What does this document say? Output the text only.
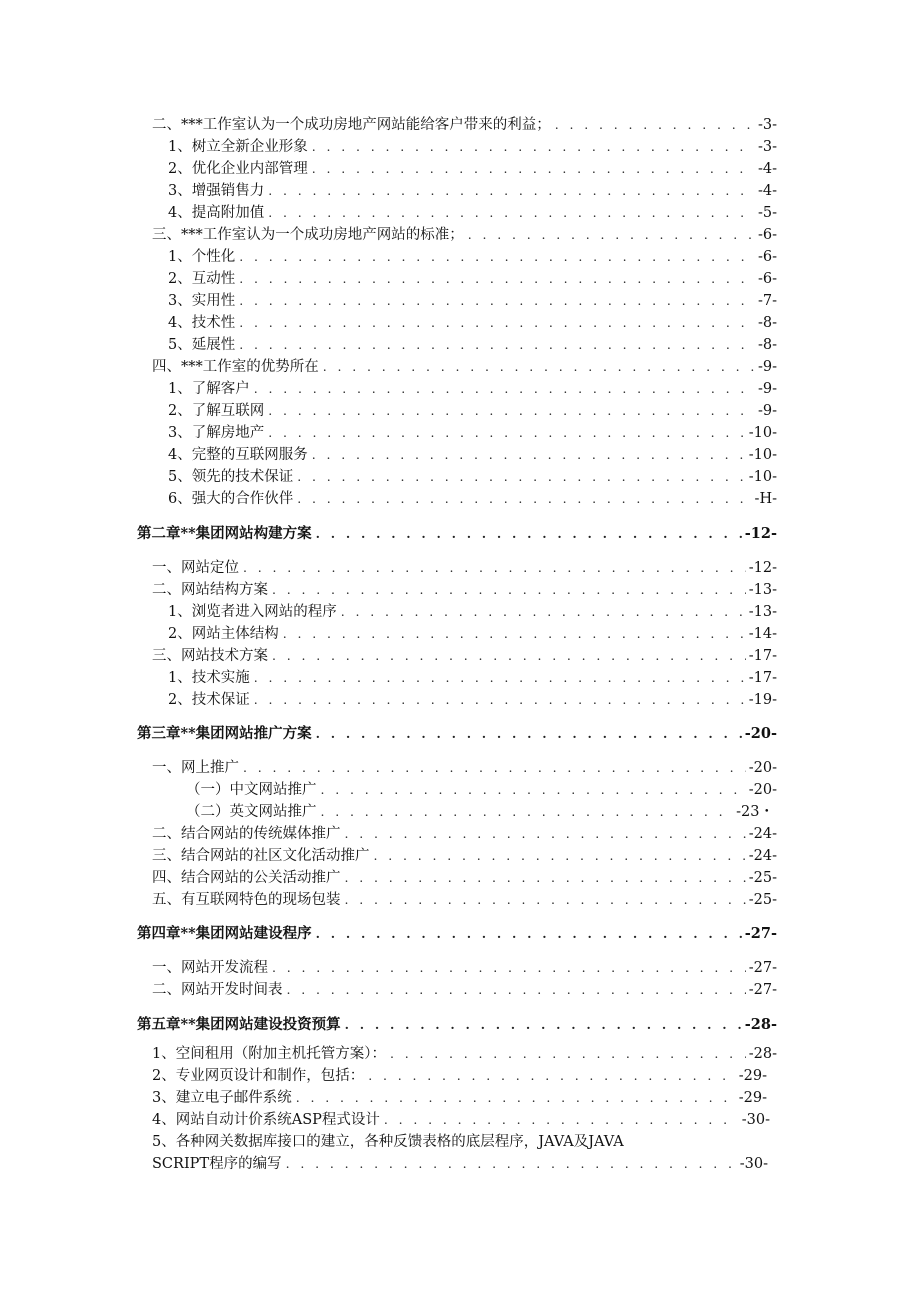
二、***工作室认为一个成功房地产网站能给客户带来的利益； . . .	-3-
1、树立全新企业形象 . . .	-3-
2、优化企业内部管理 . . .	-4-
3、增强销售力 . . .	-4-
4、提高附加值 . . .	-5-
三、***工作室认为一个成功房地产网站的标准； . . .	-6-
1、个性化 . . .	-6-
2、互动性 . . .	-6-
3、实用性 . . .	-7-
4、技术性 . . .	-8-
5、延展性 . . .	-8-
四、***工作室的优势所在 . . .	-9-
1、了解客户 . . .	-9-
2、了解互联网 . . .	-9-
3、了解房地产 . . .	-10-
4、完整的互联网服务 . . .	-10-
5、领先的技术保证 . . .	-10-
6、强大的合作伙伴 . . .	-H-
第二章**集团网站构建方案 . . .	-12-
一、网站定位 . . .	-12-
二、网站结构方案 . . .	-13-
1、浏览者进入网站的程序 . . .	-13-
2、网站主体结构 . . .	-14-
三、网站技术方案 . . .	-17-
1、技术实施 . . .	-17-
2、技术保证 . . .	-19-
第三章**集团网站推广方案 . . .	-20-
一、网上推广 . . .	-20-
（一）中文网站推广 . . .	-20-
（二）英文网站推广 . . .	-23・
二、结合网站的传统媒体推广 . . .	-24-
三、结合网站的社区文化活动推广 . . .	-24-
四、结合网站的公关活动推广 . . .	-25-
五、有互联网特色的现场包装 . . .	-25-
第四章**集团网站建设程序 . . .	-27-
一、网站开发流程 . . .	-27-
二、网站开发时间表 . . .	-27-
第五章**集团网站建设投资预算 . . .	-28-
1、空间租用（附加主机托管方案）： . . .	-28-
2、专业网页设计和制作，包括： . . .	-29-
3、建立电子邮件系统 . . .	-29-
4、网站自动计价系统ASP程式设计 . . .	-30-
5、各种网关数据库接口的建立，各种反馈表格的底层程序，JAVA及JAVA
SCRIPT程序的编写 . . .	-30-
